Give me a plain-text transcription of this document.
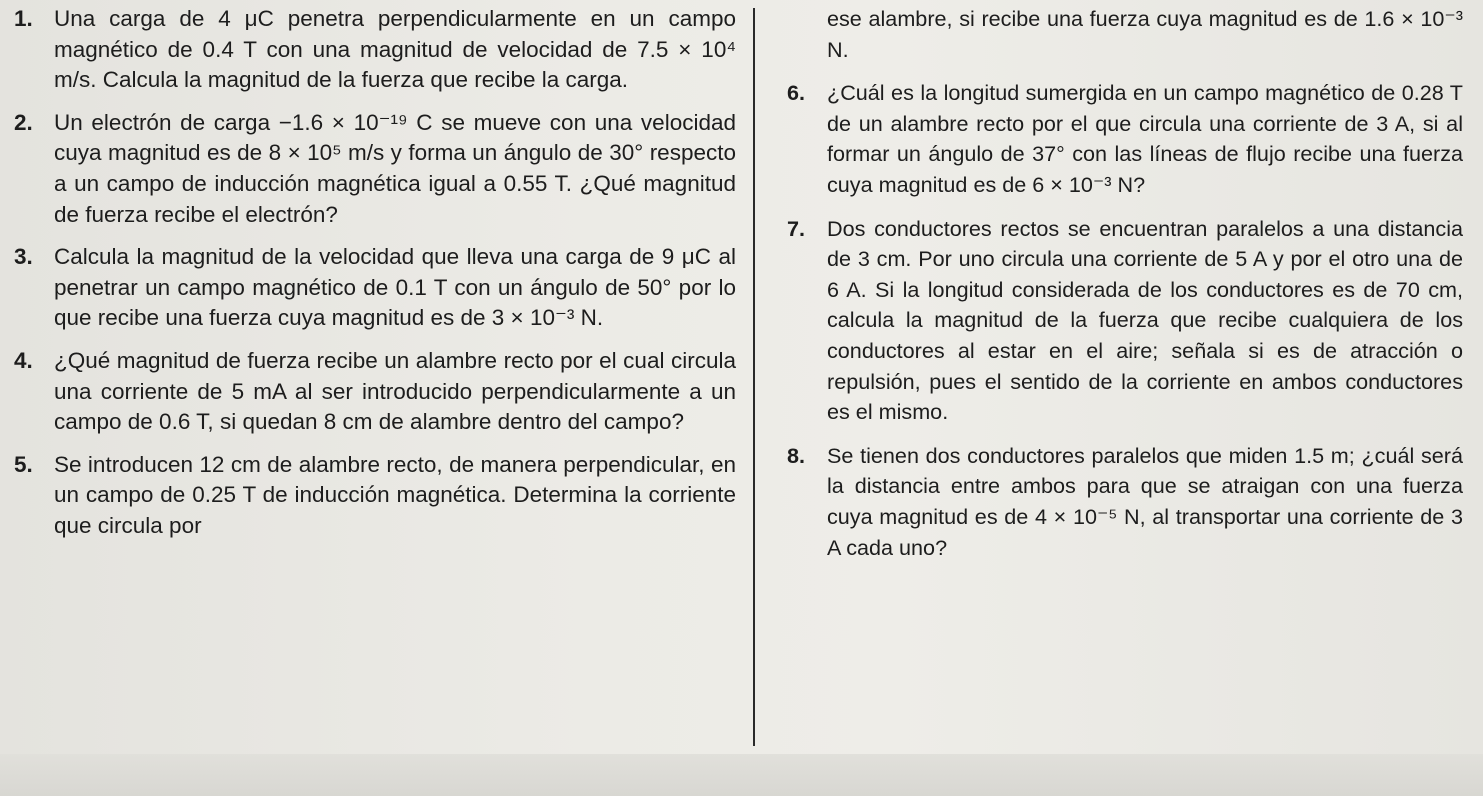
1. Una carga de 4 μC penetra perpendicularmente en un campo magnético de 0.4 T con una magnitud de velocidad de 7.5 × 10⁴ m/s. Calcula la magnitud de la fuerza que recibe la carga.
2. Un electrón de carga −1.6 × 10⁻¹⁹ C se mueve con una velocidad cuya magnitud es de 8 × 10⁵ m/s y forma un ángulo de 30° respecto a un campo de inducción magnética igual a 0.55 T. ¿Qué magnitud de fuerza recibe el electrón?
3. Calcula la magnitud de la velocidad que lleva una carga de 9 μC al penetrar un campo magnético de 0.1 T con un ángulo de 50° por lo que recibe una fuerza cuya magnitud es de 3 × 10⁻³ N.
4. ¿Qué magnitud de fuerza recibe un alambre recto por el cual circula una corriente de 5 mA al ser introducido perpendicularmente a un campo de 0.6 T, si quedan 8 cm de alambre dentro del campo?
5. Se introducen 12 cm de alambre recto, de manera perpendicular, en un campo de 0.25 T de inducción magnética. Determina la corriente que circula por
ese alambre, si recibe una fuerza cuya magnitud es de 1.6 × 10⁻³ N.
6. ¿Cuál es la longitud sumergida en un campo magnético de 0.28 T de un alambre recto por el que circula una corriente de 3 A, si al formar un ángulo de 37° con las líneas de flujo recibe una fuerza cuya magnitud es de 6 × 10⁻³ N?
7. Dos conductores rectos se encuentran paralelos a una distancia de 3 cm. Por uno circula una corriente de 5 A y por el otro una de 6 A. Si la longitud considerada de los conductores es de 70 cm, calcula la magnitud de la fuerza que recibe cualquiera de los conductores al estar en el aire; señala si es de atracción o repulsión, pues el sentido de la corriente en ambos conductores es el mismo.
8. Se tienen dos conductores paralelos que miden 1.5 m; ¿cuál será la distancia entre ambos para que se atraigan con una fuerza cuya magnitud es de 4 × 10⁻⁵ N, al transportar una corriente de 3 A cada uno?
